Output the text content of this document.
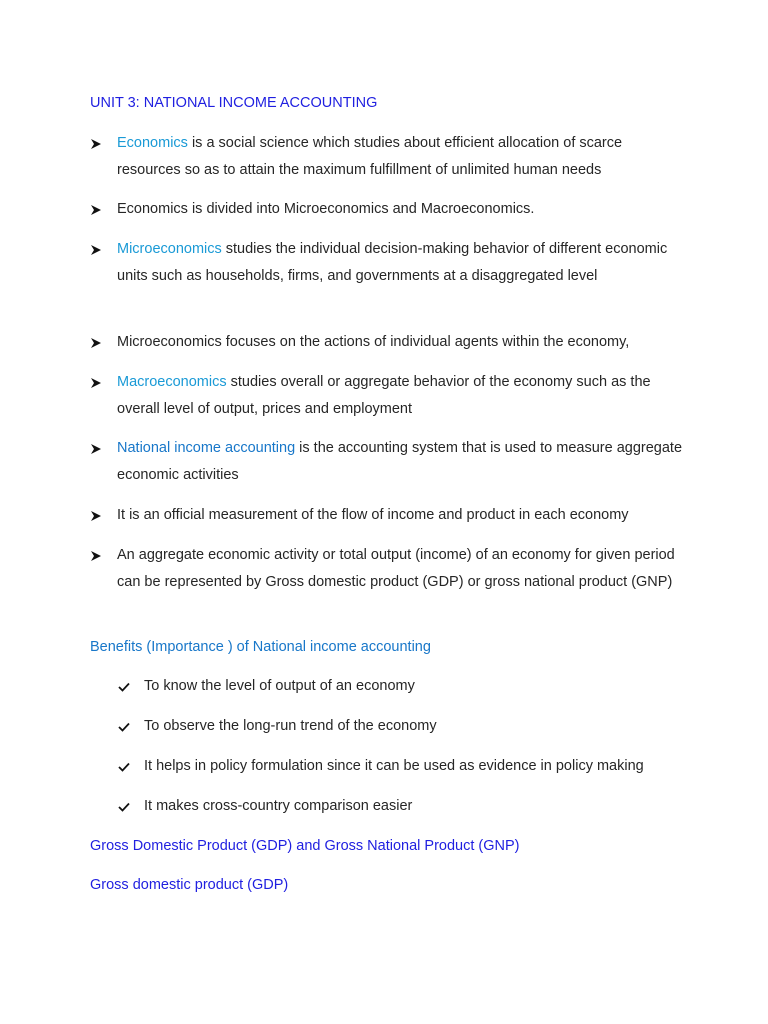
UNIT 3: NATIONAL INCOME ACCOUNTING
Economics is a social science which studies about efficient allocation of scarce resources so as to attain the maximum fulfillment of unlimited human needs
Economics is divided into Microeconomics and Macroeconomics.
Microeconomics studies the individual decision-making behavior of different economic units such as households, firms, and governments at a disaggregated level
Microeconomics focuses on the actions of individual agents within the economy,
Macroeconomics studies overall or aggregate behavior of the economy such as the overall level of output, prices and employment
National income accounting is the accounting system that is used to measure aggregate economic activities
It is an official measurement of the flow of income and product in each economy
An aggregate economic activity or total output (income) of an economy for given period can be represented by Gross domestic product (GDP) or gross national product (GNP)
Benefits (Importance ) of National income accounting
To know the level of output of an economy
To observe the long-run trend of the economy
It helps in policy formulation since it can be used as evidence in policy making
It makes cross-country comparison easier
Gross Domestic Product (GDP) and Gross National Product (GNP)
Gross domestic product (GDP)
